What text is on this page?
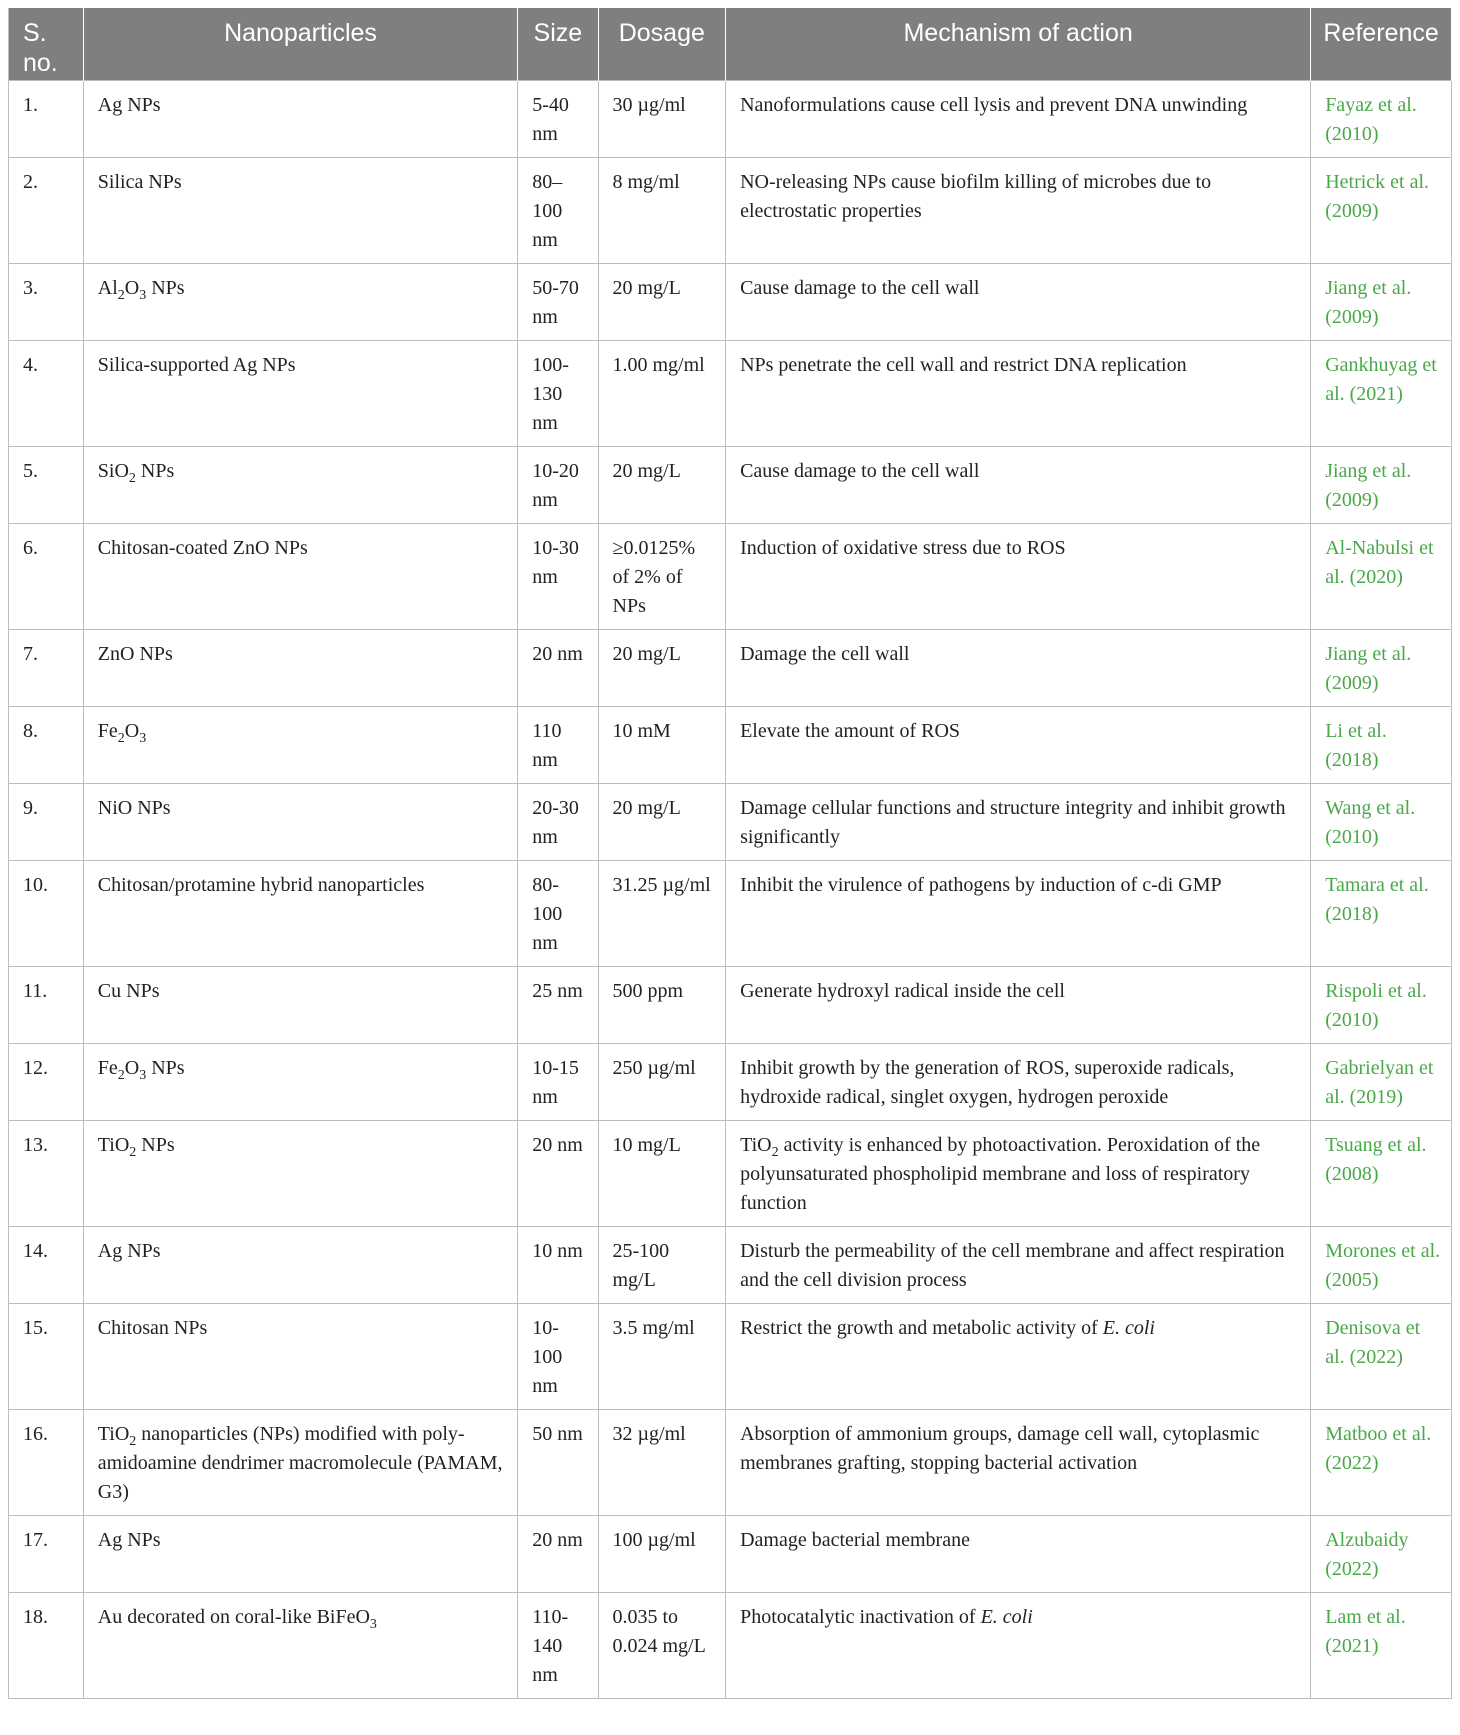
S. no.	Nanoparticles	Size	Dosage	Mechanism of action	Reference
1.	Ag NPs	5-40 nm	30 µg/ml	Nanoformulations cause cell lysis and prevent DNA unwinding	Fayaz et al. (2010)
2.	Silica NPs	80–100 nm	8 mg/ml	NO-releasing NPs cause biofilm killing of microbes due to electrostatic properties	Hetrick et al. (2009)
3.	$Al_2O_3$ NPs	50-70 nm	20 mg/L	Cause damage to the cell wall	Jiang et al. (2009)
4.	Silica-supported Ag NPs	100-130 nm	1.00 mg/ml	NPs penetrate the cell wall and restrict DNA replication	Gankhuyag et al. (2021)
5.	SiO$_2$ NPs	10-20 nm	20 mg/L	Cause damage to the cell wall	Jiang et al. (2009)
6.	Chitosan-coated ZnO NPs	10-30 nm	≥0.0125% of 2% of NPs	Induction of oxidative stress due to ROS	Al-Nabulsi et al. (2020)
7.	ZnO NPs	20 nm	20 mg/L	Damage the cell wall	Jiang et al. (2009)
8.	$Fe_2O_3$	110 nm	10 mM	Elevate the amount of ROS	Li et al. (2018)
9.	NiO NPs	20-30 nm	20 mg/L	Damage cellular functions and structure integrity and inhibit growth significantly	Wang et al. (2010)
10.	Chitosan/protamine hybrid nanoparticles	80-100 nm	31.25 µg/ml	Inhibit the virulence of pathogens by induction of c-di GMP	Tamara et al. (2018)
11.	Cu NPs	25 nm	500 ppm	Generate hydroxyl radical inside the cell	Rispoli et al. (2010)
12.	$Fe_2O_3$ NPs	10-15 nm	250 µg/ml	Inhibit growth by the generation of ROS, superoxide radicals, hydroxide radical, singlet oxygen, hydrogen peroxide	Gabrielyan et al. (2019)
13.	TiO$_2$ NPs	20 nm	10 mg/L	TiO$_2$ activity is enhanced by photoactivation. Peroxidation of the polyunsaturated phospholipid membrane and loss of respiratory function	Tsuang et al. (2008)
14.	Ag NPs	10 nm	25-100 mg/L	Disturb the permeability of the cell membrane and affect respiration and the cell division process	Morones et al. (2005)
15.	Chitosan NPs	10-100 nm	3.5 mg/ml	Restrict the growth and metabolic activity of E. coli	Denisova et al. (2022)
16.	TiO$_2$ nanoparticles (NPs) modified with poly-amidoamine dendrimer macromolecule (PAMAM, G3)	50 nm	32 µg/ml	Absorption of ammonium groups, damage cell wall, cytoplasmic membranes grafting, stopping bacterial activation	Matboo et al. (2022)
17.	Ag NPs	20 nm	100 µg/ml	Damage bacterial membrane	Alzubaidy (2022)
18.	Au decorated on coral-like BiFeO$_3$	110-140 nm	0.035 to 0.024 mg/L	Photocatalytic inactivation of E. coli	Lam et al. (2021)
